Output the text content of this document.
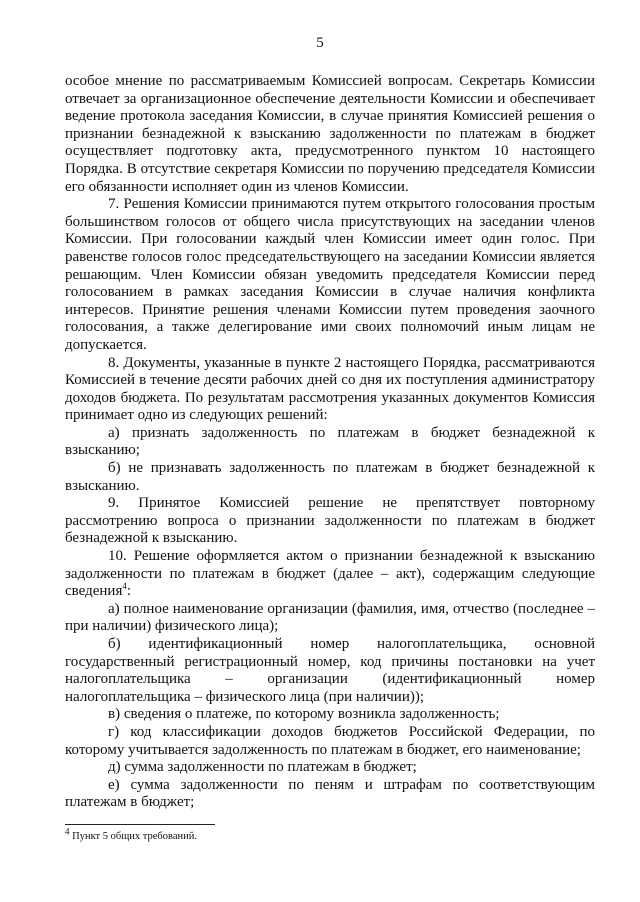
5

особое мнение по рассматриваемым Комиссией вопросам. Секретарь Комиссии отвечает за организационное обеспечение деятельности Комиссии и обеспечивает ведение протокола заседания Комиссии, в случае принятия Комиссией решения о признании безнадежной к взысканию задолженности по платежам в бюджет осуществляет подготовку акта, предусмотренного пунктом 10 настоящего Порядка. В отсутствие секретаря Комиссии по поручению председателя Комиссии его обязанности исполняет один из членов Комиссии.

7. Решения Комиссии принимаются путем открытого голосования простым большинством голосов от общего числа присутствующих на заседании членов Комиссии. При голосовании каждый член Комиссии имеет один голос. При равенстве голосов голос председательствующего на заседании Комиссии является решающим. Член Комиссии обязан уведомить председателя Комиссии перед голосованием в рамках заседания Комиссии в случае наличия конфликта интересов. Принятие решения членами Комиссии путем проведения заочного голосования, а также делегирование ими своих полномочий иным лицам не допускается.

8. Документы, указанные в пункте 2 настоящего Порядка, рассматриваются Комиссией в течение десяти рабочих дней со дня их поступления администратору доходов бюджета. По результатам рассмотрения указанных документов Комиссия принимает одно из следующих решений:

а) признать задолженность по платежам в бюджет безнадежной к взысканию;

б) не признавать задолженность по платежам в бюджет безнадежной к взысканию.

9. Принятое Комиссией решение не препятствует повторному рассмотрению вопроса о признании задолженности по платежам в бюджет безнадежной к взысканию.

10. Решение оформляется актом о признании безнадежной к взысканию задолженности по платежам в бюджет (далее – акт), содержащим следующие сведения$^4$:

а) полное наименование организации (фамилия, имя, отчество (последнее – при наличии) физического лица);

б) идентификационный номер налогоплательщика, основной государственный регистрационный номер, код причины постановки на учет налогоплательщика – организации (идентификационный номер налогоплательщика – физического лица (при наличии));

в) сведения о платеже, по которому возникла задолженность;

г) код классификации доходов бюджетов Российской Федерации, по которому учитывается задолженность по платежам в бюджет, его наименование;

д) сумма задолженности по платежам в бюджет;

е) сумма задолженности по пеням и штрафам по соответствующим платежам в бюджет;

$^4$ Пункт 5 общих требований.
